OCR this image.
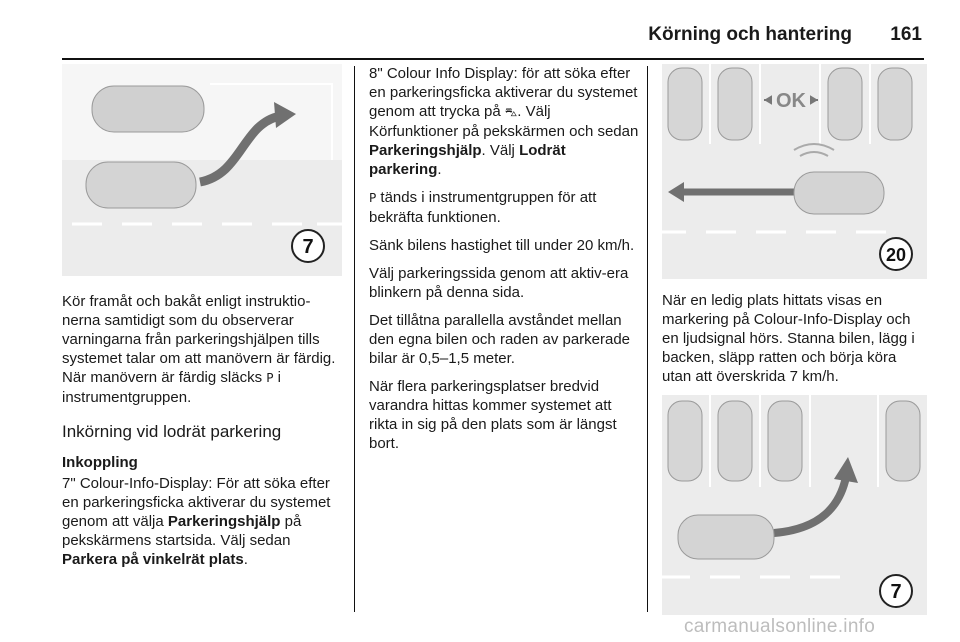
Körning och hantering 161
7

Kör framåt och bakåt enligt instruktio-nerna samtidigt som du observerar varningarna från parkeringshjälpen tills systemet talar om att manövern är färdig. När manövern är färdig släcks P i instrumentgruppen.

Inkörning vid lodrät parkering
Inkoppling

7" Colour-Info-Display: För att söka efter en parkeringsficka aktiverar du systemet genom att välja Parkeringshjälp på pekskärmens startsida. Välj sedan Parkera på vinkelrät plats.

8" Colour Info Display: för att söka efter en parkeringsficka aktiverar du systemet genom att trycka på ⛍. Välj Körfunktioner på pekskärmen och sedan Parkeringshjälp. Välj Lodrät parkering.

P tänds i instrumentgruppen för att bekräfta funktionen.

Sänk bilens hastighet till under 20 km/h.

Välj parkeringssida genom att aktiv-era blinkern på denna sida.

Det tillåtna parallella avståndet mellan den egna bilen och raden av parkerade bilar är 0,5–1,5 meter.

När flera parkeringsplatser bredvid varandra hittas kommer systemet att rikta in sig på den plats som är längst bort.

OK
20

När en ledig plats hittats visas en markering på Colour-Info-Display och en ljudsignal hörs. Stanna bilen, lägg i backen, släpp ratten och börja köra utan att överskrida 7 km/h.

7
carmanualsonline.info
